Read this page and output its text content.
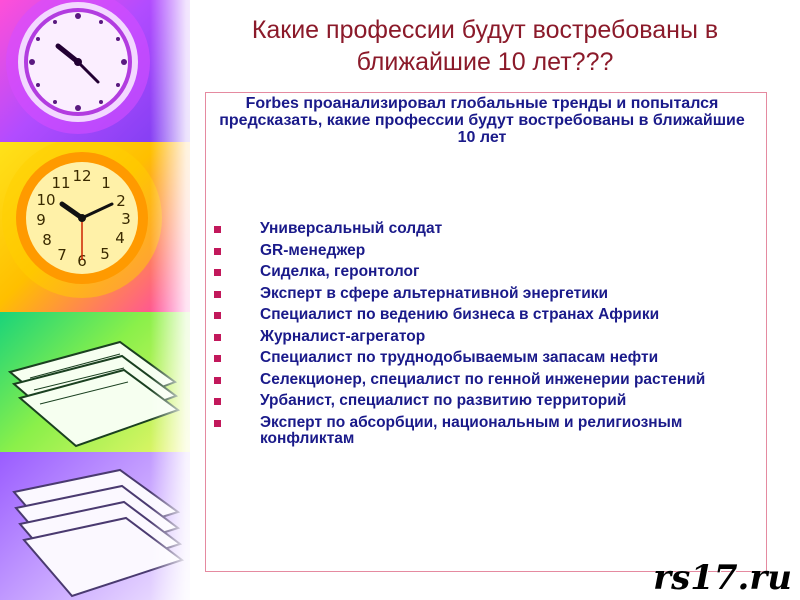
12 1
2
3
4
5
6
7
8
9
10
11
Какие профессии будут востребованы в ближайшие 10 лет???
Forbes проанализировал глобальные тренды и попытался предсказать, какие профессии будут востребованы в ближайшие 10 лет
Универсальный солдат
GR-менеджер
Сиделка, геронтолог
Эксперт в сфере альтернативной энергетики
Специалист по ведению бизнеса в странах Африки
Журналист-агрегатор
Специалист по труднодобываемым запасам нефти
Селекционер, специалист по генной инженерии растений
Урбанист, специалист по развитию территорий
Эксперт по абсорбции, национальным и религиозным конфликтам
rs17.ru
